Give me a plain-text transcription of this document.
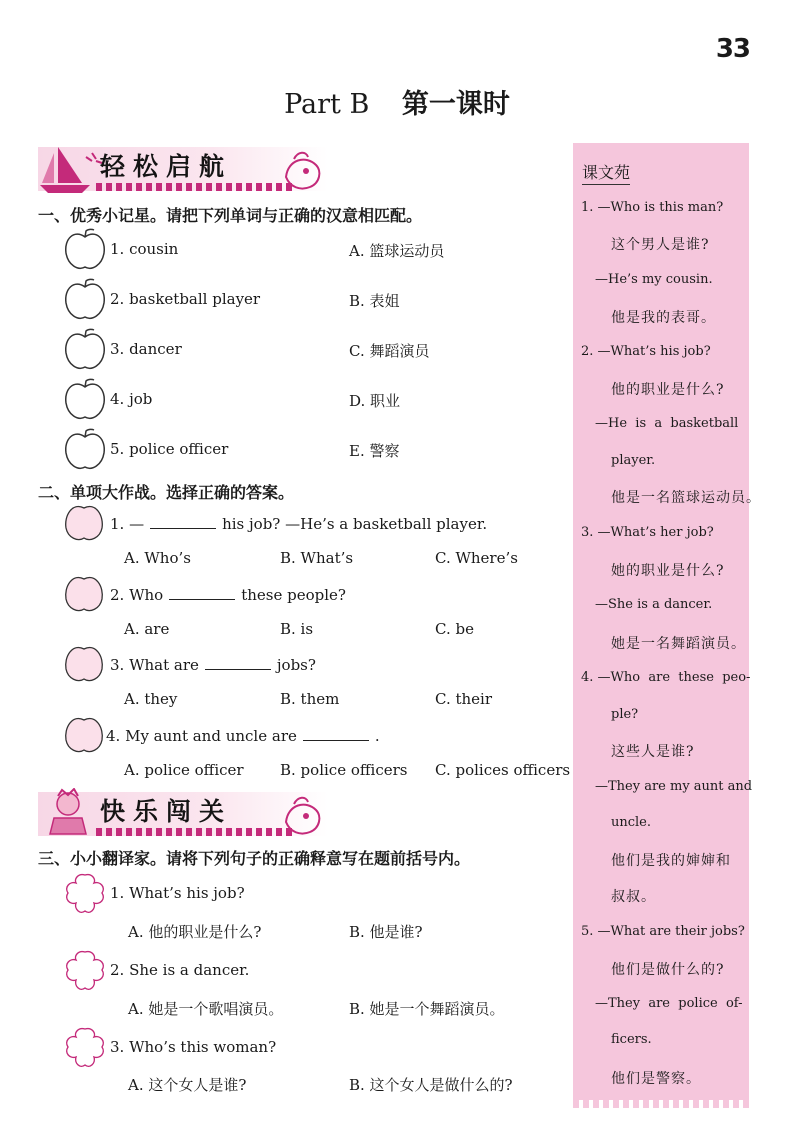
33
Part B 第一课时
轻松启航
一、优秀小记星。请把下列单词与正确的汉意相匹配。
1. cousin	A. 篮球运动员
2. basketball player	B. 表姐
3. dancer	C. 舞蹈演员
4. job	D. 职业
5. police officer	E. 警察
二、单项大作战。选择正确的答案。
1. —	his job? —He’s a basketball player.
A. Who’s	B. What’s	C. Where’s
2. Who	these people?
A. are	B. is	C. be
3. What are	jobs?
A. they	B. them	C. their
4. My aunt and uncle are	.
A. police officer B. police officers C. polices officers
快乐闯关
三、小小翻译家。请将下列句子的正确释意写在题前括号内。
1. What’s his job?
A. 他的职业是什么?	B. 他是谁?
2. She is a dancer.
A. 她是一个歌唱演员。	B. 她是一个舞蹈演员。
3. Who’s this woman?
A. 这个女人是谁?	B. 这个女人是做什么的?
课文苑
1. —Who is this man?
这个男人是谁?
—He’s my cousin.
他是我的表哥。
2. —What’s his job?
他的职业是什么?
—He  is  a  basketball
player.
他是一名篮球运动员。
3. —What’s her job?
她的职业是什么?
—She is a dancer.
她是一名舞蹈演员。
4. —Who  are  these  peo-
ple?
这些人是谁?
—They are my aunt and
uncle.
他们是我的婶婶和
叔叔。
5. —What are their jobs?
他们是做什么的?
—They  are  police  of-
ficers.
他们是警察。
